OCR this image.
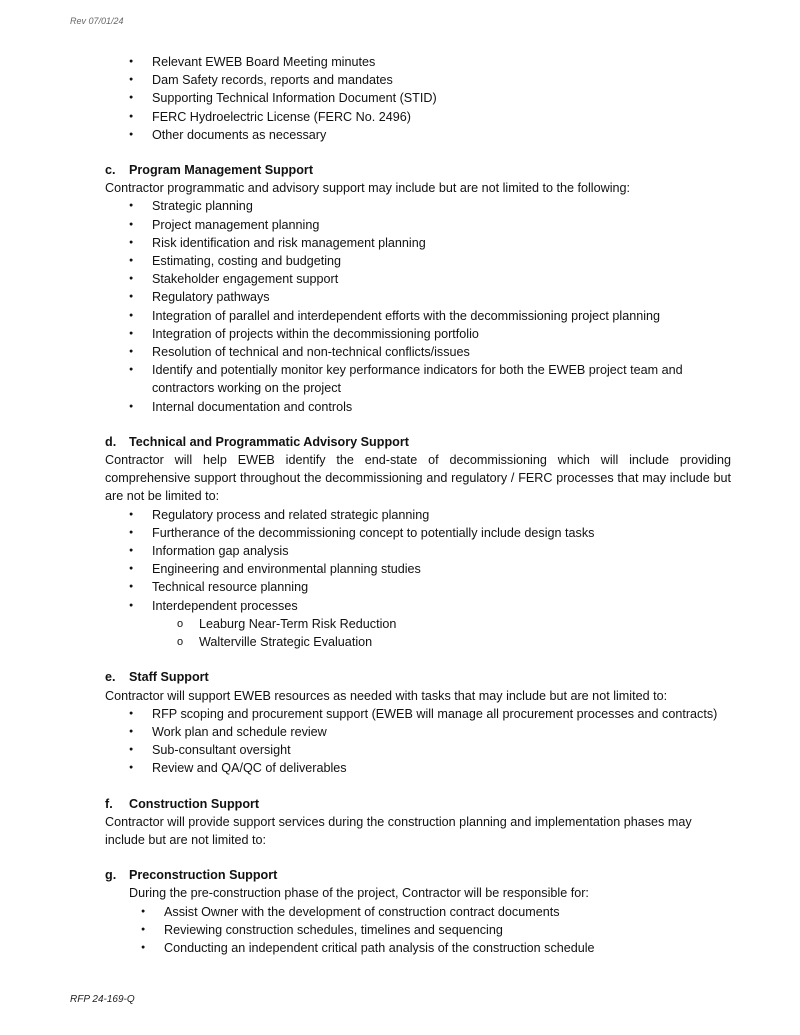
Rev 07/01/24
● Relevant EWEB Board Meeting minutes
● Dam Safety records, reports and mandates
● Supporting Technical Information Document (STID)
● FERC Hydroelectric License (FERC No. 2496)
● Other documents as necessary
c. Program Management Support
Contractor programmatic and advisory support may include but are not limited to the following:
● Strategic planning
● Project management planning
● Risk identification and risk management planning
● Estimating, costing and budgeting
● Stakeholder engagement support
● Regulatory pathways
● Integration of parallel and interdependent efforts with the decommissioning project planning
● Integration of projects within the decommissioning portfolio
● Resolution of technical and non-technical conflicts/issues
● Identify and potentially monitor key performance indicators for both the EWEB project team and contractors working on the project
● Internal documentation and controls
d. Technical and Programmatic Advisory Support
Contractor will help EWEB identify the end-state of decommissioning which will include providing comprehensive support throughout the decommissioning and regulatory / FERC processes that may include but are not be limited to:
● Regulatory process and related strategic planning
● Furtherance of the decommissioning concept to potentially include design tasks
● Information gap analysis
● Engineering and environmental planning studies
● Technical resource planning
● Interdependent processes
o Leaburg Near-Term Risk Reduction
o Walterville Strategic Evaluation
e. Staff Support
Contractor will support EWEB resources as needed with tasks that may include but are not limited to:
● RFP scoping and procurement support (EWEB will manage all procurement processes and contracts)
● Work plan and schedule review
● Sub-consultant oversight
● Review and QA/QC of deliverables
f. Construction Support
Contractor will provide support services during the construction planning and implementation phases may include but are not limited to:
g. Preconstruction Support
During the pre-construction phase of the project, Contractor will be responsible for:
● Assist Owner with the development of construction contract documents
● Reviewing construction schedules, timelines and sequencing
● Conducting an independent critical path analysis of the construction schedule
RFP 24-169-Q
